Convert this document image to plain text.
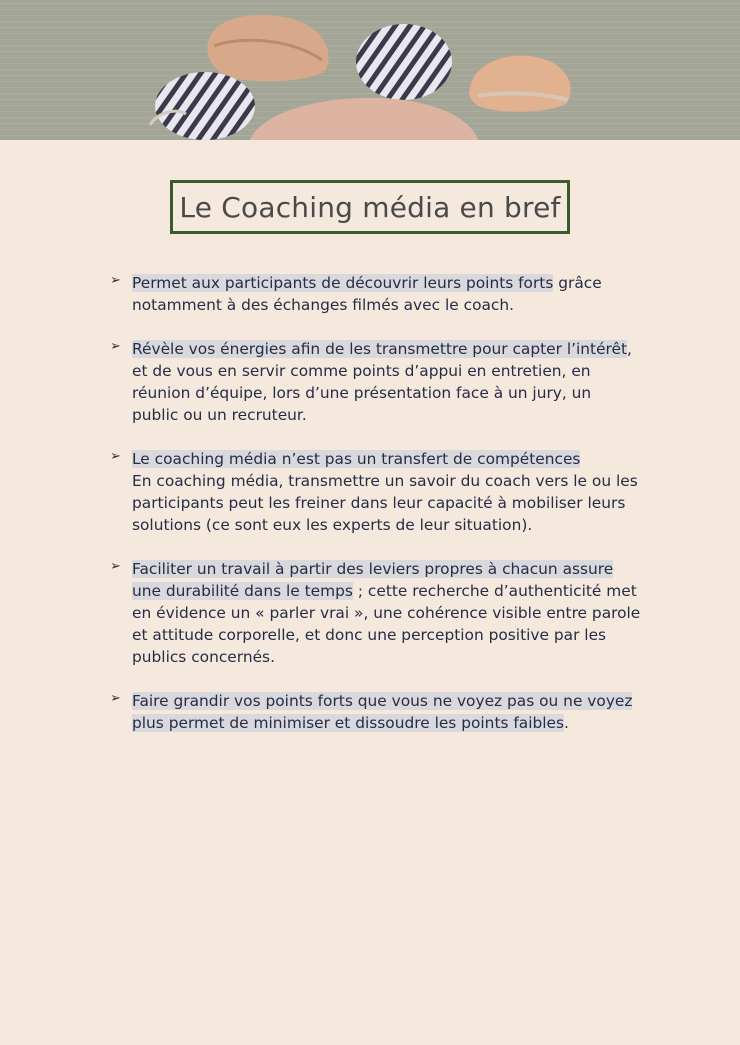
Le Coaching média en bref
➢ Permet aux participants de découvrir leurs points forts grâce
notamment à des échanges filmés avec le coach.
➢ Révèle vos énergies afin de les transmettre pour capter l’intérêt,
et de vous en servir comme points d’appui en entretien, en
réunion d’équipe, lors d’une présentation face à un jury, un
public ou un recruteur.
➢ Le coaching média n’est pas un transfert de compétences
En coaching média, transmettre un savoir du coach vers le ou les
participants peut les freiner dans leur capacité à mobiliser leurs
solutions (ce sont eux les experts de leur situation).
➢ Faciliter un travail à partir des leviers propres à chacun assure
une durabilité dans le temps ; cette recherche d’authenticité met
en évidence un « parler vrai », une cohérence visible entre parole
et attitude corporelle, et donc une perception positive par les
publics concernés.
➢ Faire grandir vos points forts que vous ne voyez pas ou ne voyez
plus permet de minimiser et dissoudre les points faibles.
